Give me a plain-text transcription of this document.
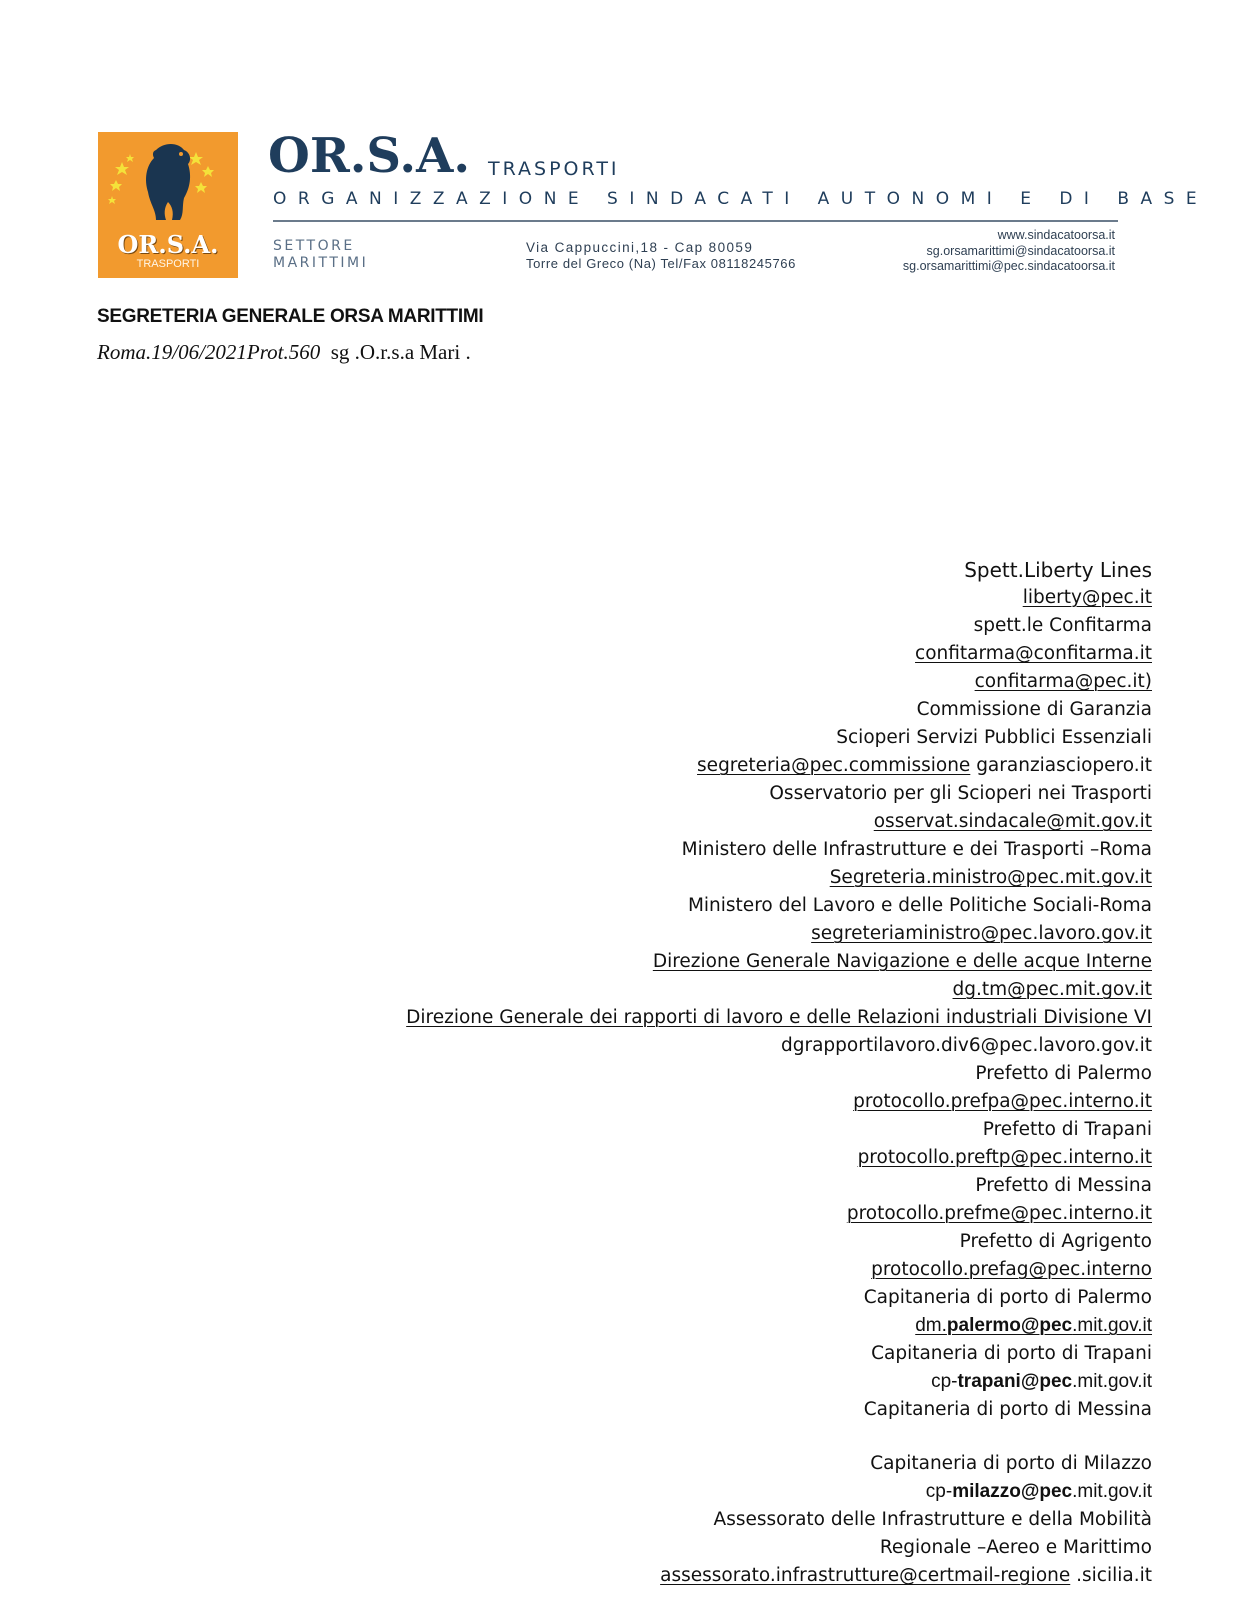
OR.S.A.
TRASPORTI
OR.S.A. TRASPORTI
ORGANIZZAZIONE SINDACATI AUTONOMI E DI BASE
SETTORE
MARITTIMI
Via Cappuccini,18 - Cap 80059
Torre del Greco (Na) Tel/Fax 08118245766
www.sindacatoorsa.it
sg.orsamarittimi@sindacatoorsa.it
sg.orsamarittimi@pec.sindacatoorsa.it
SEGRETERIA GENERALE ORSA MARITTIMI
Roma.19/06/2021Prot.560 sg .O.r.s.a Mari .
Spett.Liberty Lines
liberty@pec.it
spett.le Confitarma
confitarma@confitarma.it
confitarma@pec.it)
Commissione di Garanzia
Scioperi Servizi Pubblici Essenziali
segreteria@pec.commissione garanziasciopero.it
Osservatorio per gli Scioperi nei Trasporti
osservat.sindacale@mit.gov.it
Ministero delle Infrastrutture e dei Trasporti –Roma
Segreteria.ministro@pec.mit.gov.it
Ministero del Lavoro e delle Politiche Sociali-Roma
segreteriaministro@pec.lavoro.gov.it
Direzione Generale Navigazione e delle acque Interne
dg.tm@pec.mit.gov.it
Direzione Generale dei rapporti di lavoro e delle Relazioni industriali Divisione VI
dgrapportilavoro.div6@pec.lavoro.gov.it
Prefetto di Palermo
protocollo.prefpa@pec.interno.it
Prefetto di Trapani
protocollo.preftp@pec.interno.it
Prefetto di Messina
protocollo.prefme@pec.interno.it
Prefetto di Agrigento
protocollo.prefag@pec.interno
Capitaneria di porto di Palermo
dm.palermo@pec.mit.gov.it
Capitaneria di porto di Trapani
cp-trapani@pec.mit.gov.it
Capitaneria di porto di Messina
Capitaneria di porto di Milazzo
cp-milazzo@pec.mit.gov.it
Assessorato delle Infrastrutture e della Mobilità
Regionale –Aereo e Marittimo
assessorato.infrastrutture@certmail-regione .sicilia.it
